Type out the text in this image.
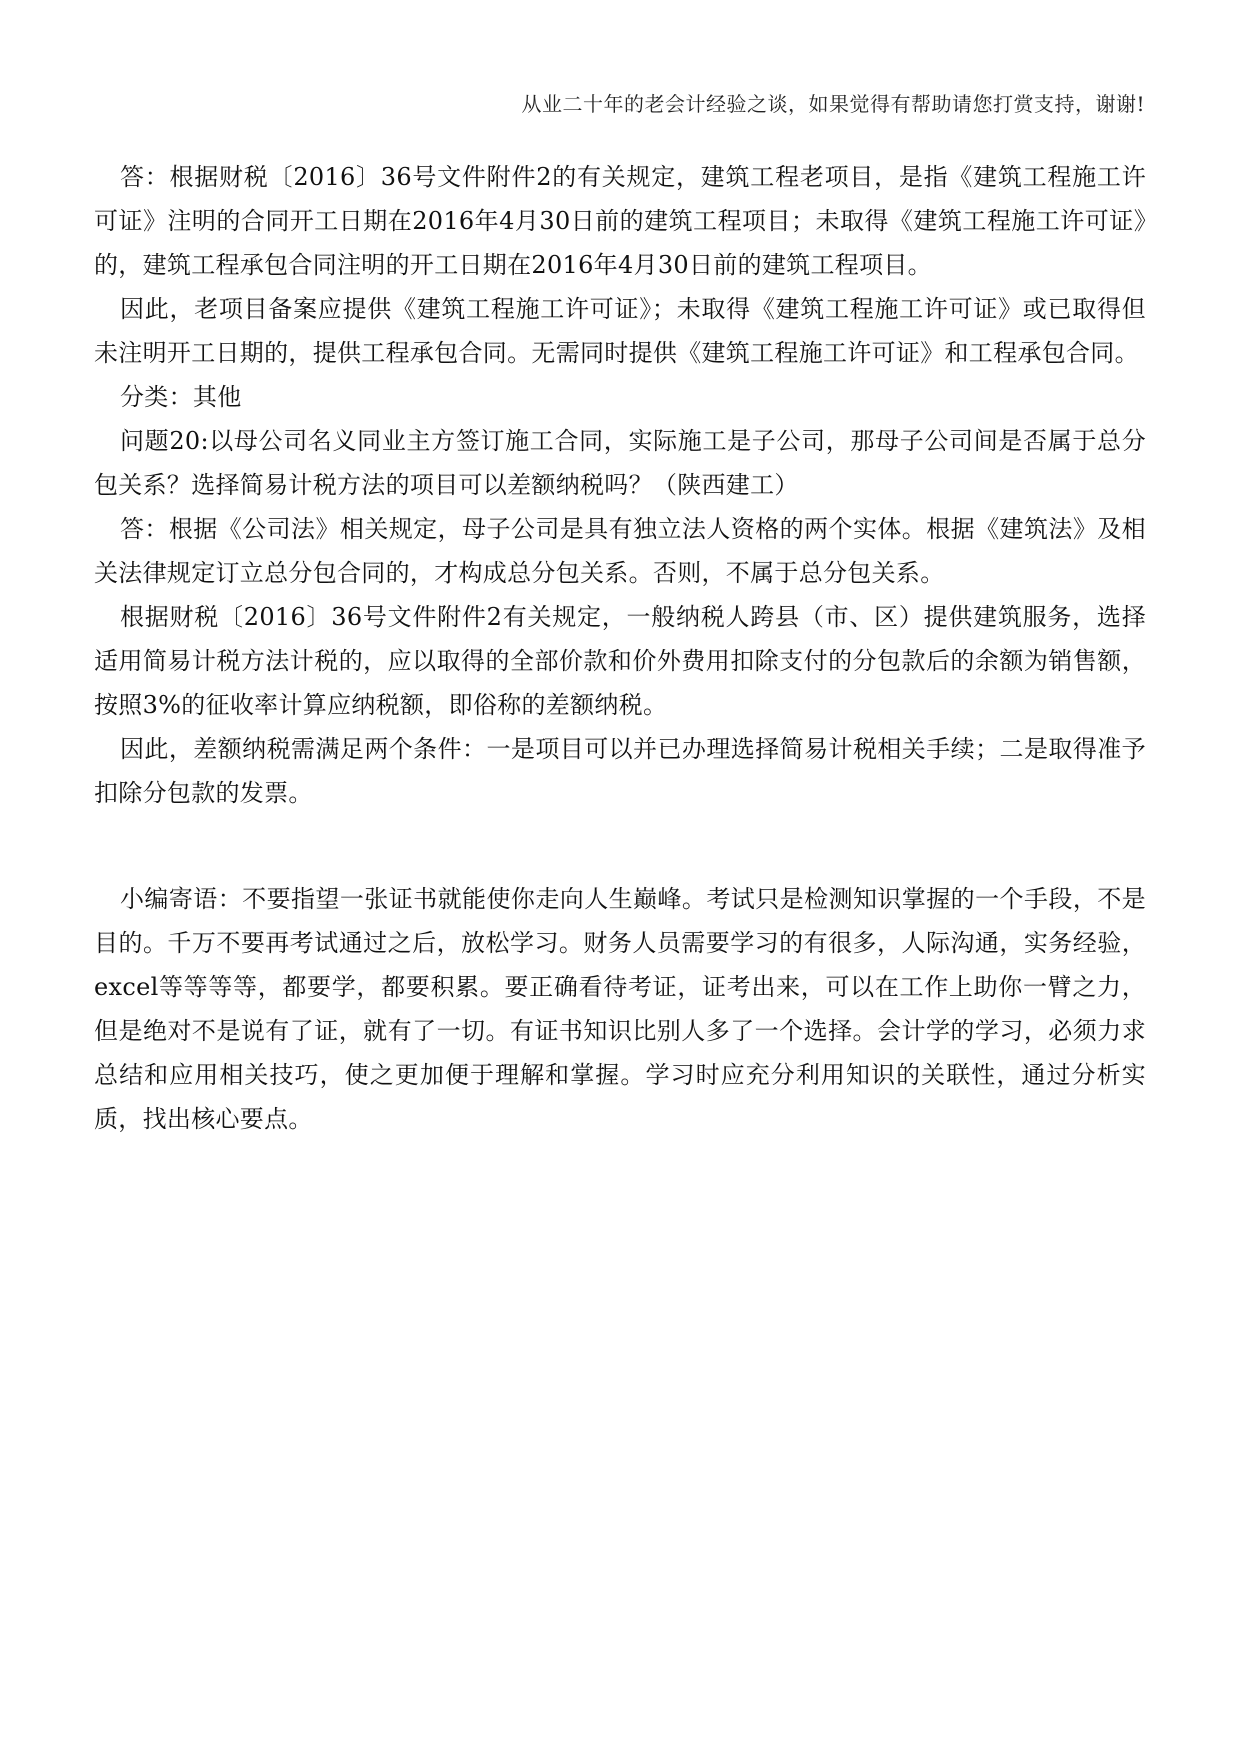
从业二十年的老会计经验之谈，如果觉得有帮助请您打赏支持，谢谢!

答：根据财税〔2016〕36号文件附件2的有关规定，建筑工程老项目，是指《建筑工程施工许可证》注明的合同开工日期在2016年4月30日前的建筑工程项目；未取得《建筑工程施工许可证》的，建筑工程承包合同注明的开工日期在2016年4月30日前的建筑工程项目。

因此，老项目备案应提供《建筑工程施工许可证》；未取得《建筑工程施工许可证》或已取得但未注明开工日期的，提供工程承包合同。无需同时提供《建筑工程施工许可证》和工程承包合同。

分类：其他

问题20:以母公司名义同业主方签订施工合同，实际施工是子公司，那母子公司间是否属于总分包关系？选择简易计税方法的项目可以差额纳税吗？（陕西建工）

答：根据《公司法》相关规定，母子公司是具有独立法人资格的两个实体。根据《建筑法》及相关法律规定订立总分包合同的，才构成总分包关系。否则，不属于总分包关系。

根据财税〔2016〕36号文件附件2有关规定，一般纳税人跨县（市、区）提供建筑服务，选择适用简易计税方法计税的，应以取得的全部价款和价外费用扣除支付的分包款后的余额为销售额，按照3%的征收率计算应纳税额，即俗称的差额纳税。

因此，差额纳税需满足两个条件：一是项目可以并已办理选择简易计税相关手续；二是取得准予扣除分包款的发票。

小编寄语：不要指望一张证书就能使你走向人生巅峰。考试只是检测知识掌握的一个手段，不是目的。千万不要再考试通过之后，放松学习。财务人员需要学习的有很多，人际沟通，实务经验，excel等等等等，都要学，都要积累。要正确看待考证，证考出来，可以在工作上助你一臂之力，但是绝对不是说有了证，就有了一切。有证书知识比别人多了一个选择。会计学的学习，必须力求总结和应用相关技巧，使之更加便于理解和掌握。学习时应充分利用知识的关联性，通过分析实质，找出核心要点。
